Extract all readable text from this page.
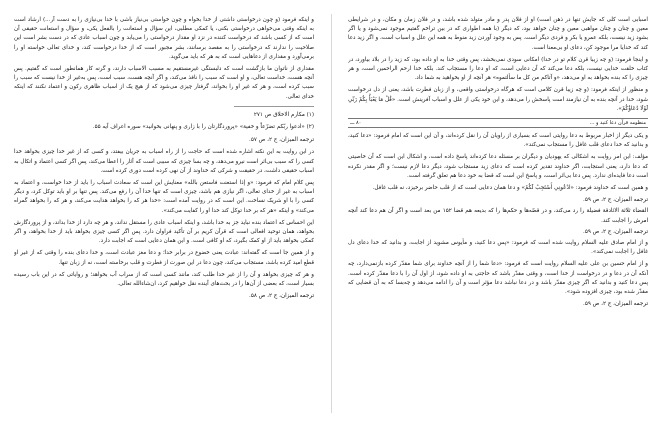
و اینکه فرمود (و چون درخواستی داشتی از خدا بخواه و چون خواستی بی‌نیاز باشی با خدا بی‌نیازی را به دست آر...) ارشاد است به اینکه وقتی می‌خواهی درخواستی بکنی، یا کمکی مطلبی، این سؤال و استعانت را بالفعل یکی، و سؤال و استعانت حقیقی آن است که از کسی باشد که درخواست کننده در نزد او مقدار درخواستی را می‌یابد و چون اسباب عادی که در دست بشر است این صلاحیت را ندارند که درخواستی را به مقصد برسانند، بشر مجبور است که از خدا درخواست کند، و خدای تعالی خواسته او را برمی‌آورد و مقداری از دعاهایی است که به هر که باید می‌گوید.

مقداری از ناتوان ما بازگشت است که دلبستگی غیرمستقیم به مسبب الاسباب دارند، و گرنه کار همانطور است که گفتیم. پس آنچه هست، خداست تعالی، و او است که سبب را نافذ می‌کند، و اگر آنچه هست، سبب است، پس به‌غیر از خدا نیست که سبب را سبب کرده است، و هر که غیر او را بخواند، گرفتار چیزی می‌شود که از هیچ یک از اسباب ظاهری رکون و اعتماد نکنند که اینکه خدای تعالی.

(۱) مکارم الاخلاق ص ۲۷۱

(۲) «ادعوا ربّکم تضرّعاً و خفیة» «پروردگارتان را با زاری و پنهانی بخوانید» سوره اعراف آیه ۵۵.

ترجمه المیزان، ج ۲، ص ۵۷.

در این روایت به این نکته اشاره شده است که حاجت را از راه اسباب به جریان بیفتد، و کسی که از غیر خدا چیزی بخواهد خدا کسی را که سبب بی‌اثر است نیرو می‌دهد، و چه بسا چیزی که سببی است که آثار را اعطا می‌کند، پس اگر کسی اعتماد و اتکال به اسباب حقیقی داشت، در حقیقت و شرکی که خداوند از آن نهی کرده است دوری کرده است.

پس کلام امام که فرمود: «و إذا استعنت فاستعن بالله» معنایش این است که سعادت اسباب را باید از خدا خواست، و اعتماد به اسباب به غیر از خدای تعالی، اگر نیازی هم باشد، چیزی است که تنها خدا آن را رفع می‌کند. پس تنها بر او باید توکل کرد، و دیگر کسی را با او شریک نساخت. این است که در روایت آمده است: «خدا هر که را بخواهد هدایت می‌کند، و هر که را بخواهد گمراه می‌کند» و اینکه «هر که بر خدا توکل کند خدا او را کفایت می‌کند».

این احساس که اعتماد بنده نباید جز به خدا باشد، و اینکه اسباب عادی را مستقل نداند، و هر چه دارد از خدا بداند، و از پروردگارش بخواهد، همان توحید افعالی است که قرآن کریم بر آن تأکید فراوان دارد. پس اگر کسی چیزی بخواهد باید از خدا بخواهد، و اگر کمکی بخواهد باید از او کمک بگیرد، که او کافی است. و این همان دعایی است که اجابت دارد.

و از همین جا است که گفته‌اند: عبادت یعنی خضوع در برابر خدا؛ و دعا مغز عبادت است، و خدا دعای بنده را وقتی که از غیر او قطع امید کرده باشد، مستجاب می‌کند، چون دعا در این صورت از فطرت و قلب برخاسته است، نه از زبان تنها.

و هر که چیزی بخواهد و آن را از غیر خدا طلب کند، مانند کسی است که از سراب آب بخواهد؛ و روایاتی که در این باب رسیده بسیار است، که بعضی از آن‌ها را در بحث‌های آینده نقل خواهیم کرد، ان‌شاءالله تعالی.

ترجمه المیزان، ج ۲، ص ۵۸.

اسبابی است کلی که جایش تنها در ذهن است) او از فلان پدر و مادر متولد شده باشد، و در فلان زمان و مکان، و در شرایطی معین و چنان و چنان مواهبی معین و چنان خواهد بود، که دیگر (با همه اطواری که در بین تراخم گفتیم موجود نمی‌شود و یا اگر بشود زید نیست، بلکه عمرو یا بکر و فردی دیگر است. پس به وجود آوردن زید منوط به همه این علل و اسباب است، و اگر زید دعا کند که خدایا مرا موجود کن، دعای او بی‌معنا است.

و اینجا فرمود: (و چه زیبا قرن کلام تو در خدا) امکانی سودی نمی‌بخشد، پس وقتی خدا به او داده بود، که زید را در بلاد بیاورد، در کتاب خلقت خدایی نیست، بلکه دعا می‌کند که آن دعایی است، که او دعا را مستجاب کند. بلکه خدا ارحم الراحمین است، و هر چیزی را که بنده بخواهد به او می‌دهد، «و آتاکم من کل ما سألتموه» هر آنچه از او بخواهید به شما داد.

و منظور از اینکه فرمود: (و چه زیبا قرن کلامی است که هرگاه درخواستی واقعی، و از زبان فطرت باشد، یعنی از دل درخواست شود، خدا در آنچه بنده به آن نیازمند است پاسخش را می‌دهد، و این خود یکی از علل و اسباب آفرینش است. «قُلْ مَا يَعْبَأُ بِكُمْ رَبِّي لَوْلَا دُعَاؤُكُمْ».

منظومه قرآن دعا کنید و ...
۸۰ ـــ

و یکی دیگر از اخبار مربوط به دعا روایتی است که بسیاری از راویان آن را نقل کرده‌اند، و آن این است که امام فرمود: «دعا کنید، و بدانید که خدا دعای قلب غافل را مستجاب نمی‌کند».

مؤلف: این امر روایت به اشکالی که یهودیان و دیگران بر مسئله دعا کرده‌اند پاسخ داده است، و اشکال این است که آن خاصیتی که دعا دارد، یعنی استجابت، اگر خداوند تقدیر کرده است که دعای زید مستجاب شود، دیگر دعا لازم نیست؛ و اگر مقدر نکرده است دعا فایده‌ای ندارد. پس دعا بی‌اثر است، و پاسخ این است که قضا به خود دعا هم تعلق گرفته است.

و همین است که خداوند فرمود: «ادْعُونِي أَسْتَجِبْ لَكُمْ» و دعا همان دعایی است که از قلب حاضر برخیزد، نه قلب غافل.

ترجمه المیزان، ج ۲، ص ۵۹.

القضاء ثلاثة الاثادقة فضیلة را رد می‌کند، و در قصّه‌ها و حکم‌ها را که بدیعه هم قضا ۱۵۲ من بعد است و اگر آن هم دعا کند آنچه امرش را اجابت کند.

ترجمه المیزان، ج ۲، ص ۵۹.

و از امام صادق علیه السلام روایت شده است که فرمود: «پس دعا کنید، و مأیوس مشوید از اجابت، و بدانید که خدا دعای دل غافل را اجابت نمی‌کند».

و از امام حسین بن علی علیه السلام روایت است که فرمود: «دعا شما را از آنچه خداوند برای شما مقدّر کرده بازنمی‌دارد، چه آنکه آن در دعا و در درخواست از خدا است، و وقتی مقدّر باشد که حاجتی به او داده شود، از اول آن را با دعا مقدّر کرده است. پس دعا کنید و بدانید که اگر چیزی مقدّر باشد و در دعا نباشد دعا مؤثر است و آن را ادامه می‌دهد و چه‌بسا که به آن قضایی که مقدّر شده بود، چیزی افزوده شود».

ترجمه المیزان، ج ۲، ص ۵۹.
